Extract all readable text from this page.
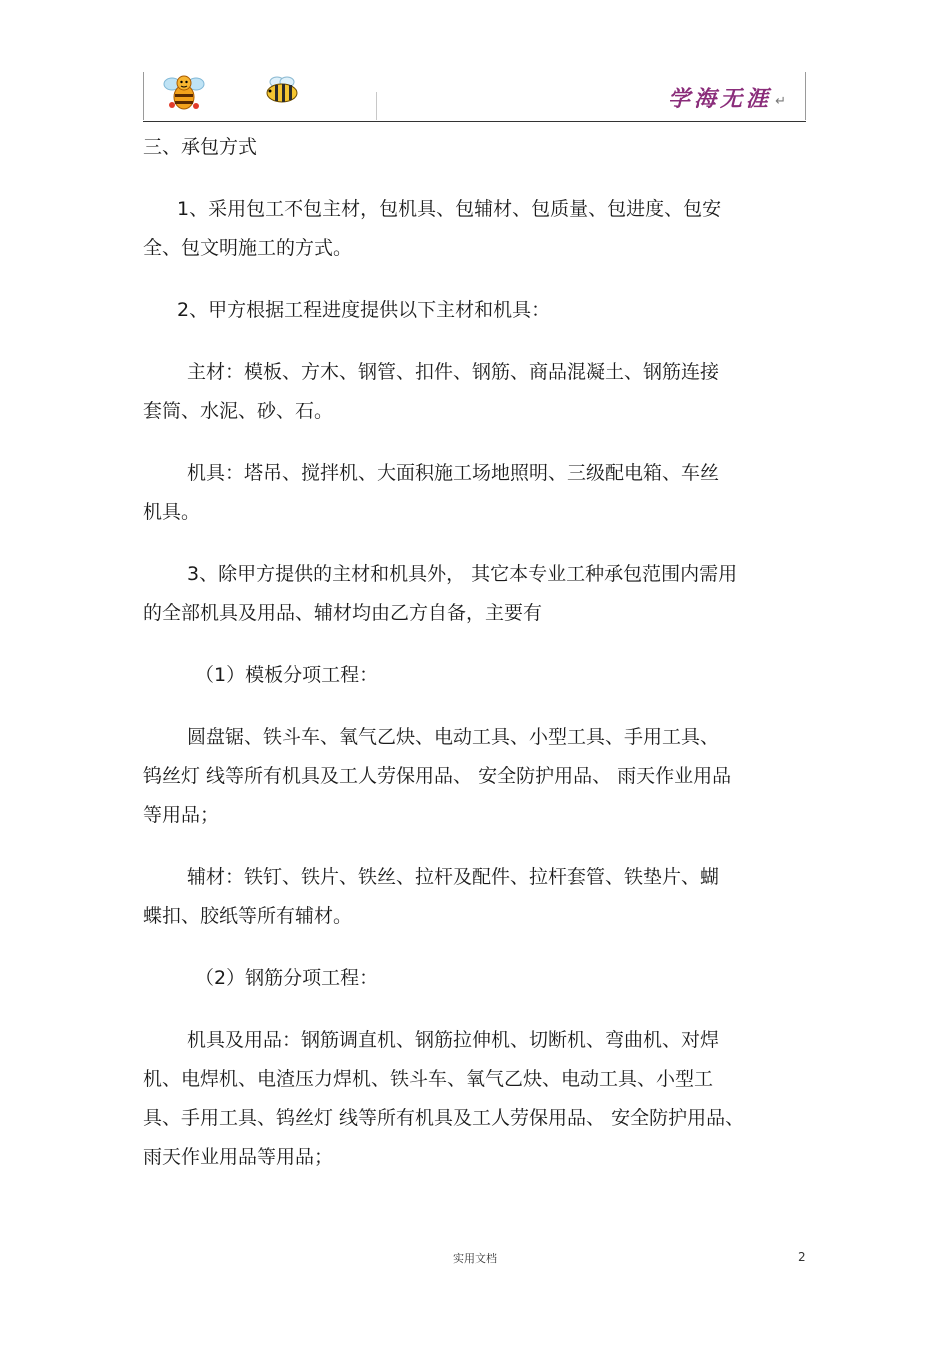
学海无涯 ↵

三、承包方式

1、采用包工不包主材，包机具、包辅材、包质量、包进度、包安

全、包文明施工的方式。

2、甲方根据工程进度提供以下主材和机具：

主材：模板、方木、钢管、扣件、钢筋、商品混凝土、钢筋连接

套筒、水泥、砂、石。

机具：塔吊、搅拌机、大面积施工场地照明、三级配电箱、车丝

机具。

3、除甲方提供的主材和机具外， 其它本专业工种承包范围内需用

的全部机具及用品、辅材均由乙方自备，主要有

（1）模板分项工程：

圆盘锯、铁斗车、氧气乙炔、电动工具、小型工具、手用工具、

钨丝灯 线等所有机具及工人劳保用品、 安全防护用品、 雨天作业用品

等用品；

辅材：铁钉、铁片、铁丝、拉杆及配件、拉杆套管、铁垫片、蝴

蝶扣、胶纸等所有辅材。

（2）钢筋分项工程：

机具及用品：钢筋调直机、钢筋拉伸机、切断机、弯曲机、对焊

机、电焊机、电渣压力焊机、铁斗车、氧气乙炔、电动工具、小型工

具、手用工具、钨丝灯 线等所有机具及工人劳保用品、 安全防护用品、

雨天作业用品等用品；

实用文档	2
